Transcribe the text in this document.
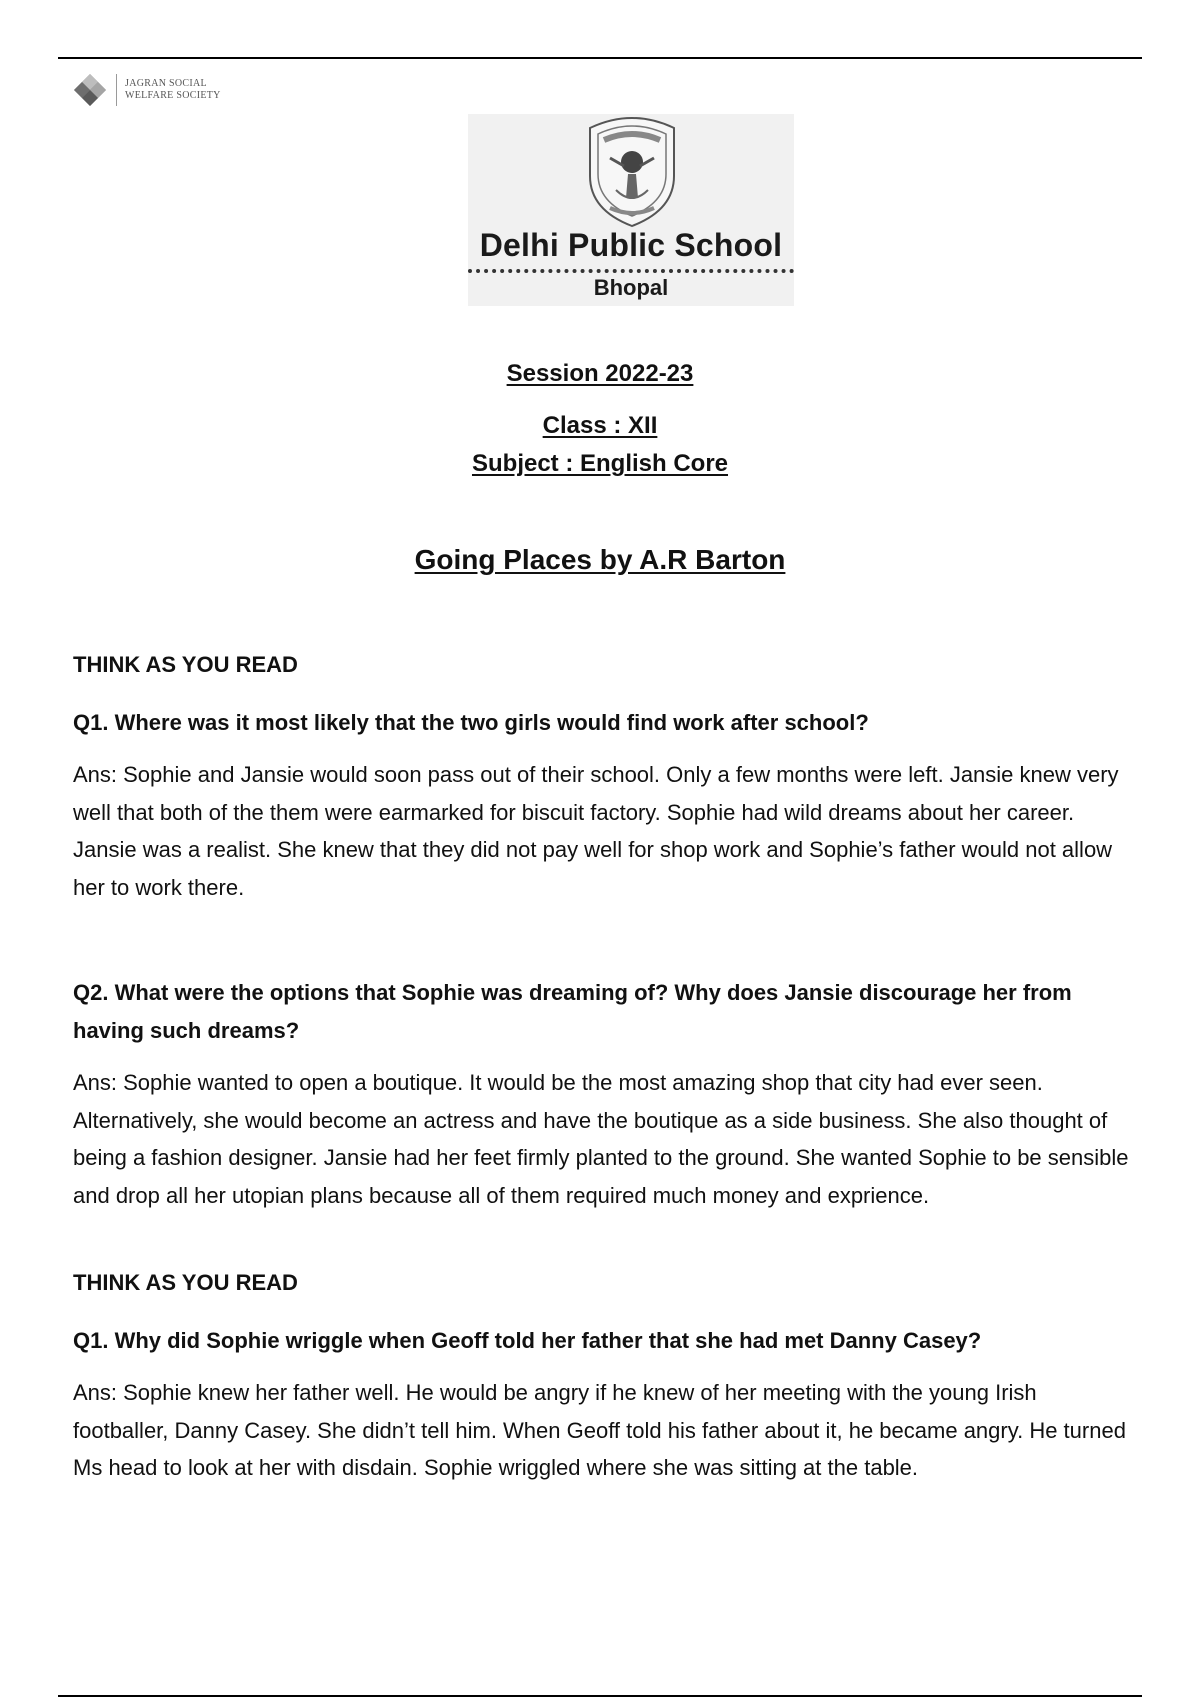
JAGRAN SOCIAL
WELFARE SOCIETY
Delhi Public School
Bhopal
Session 2022-23
Class : XII
Subject : English Core
Going Places by A.R Barton
THINK AS YOU READ
Q1. Where was it most likely that the two girls would find work after school?
Ans: Sophie and Jansie would soon pass out of their school. Only a few months were left. Jansie knew very well that both of the them were earmarked for biscuit factory. Sophie had wild dreams about her career. Jansie was a realist. She knew that they did not pay well for shop work and Sophie’s father would not allow her to work there.
Q2. What were the options that Sophie was dreaming of? Why does Jansie discourage her from having such dreams?
Ans: Sophie wanted to open a boutique. It would be the most amazing shop that city had ever seen. Alternatively, she would become an actress and have the boutique as a side business. She also thought of being a fashion designer. Jansie had her feet firmly planted to the ground. She wanted Sophie to be sensible and drop all her utopian plans because all of them required much money and exprience.
THINK AS YOU READ
Q1. Why did Sophie wriggle when Geoff told her father that she had met Danny Casey?
Ans: Sophie knew her father well. He would be angry if he knew of her meeting with the young Irish footballer, Danny Casey. She didn’t tell him. When Geoff told his father about it, he became angry. He turned Ms head to look at her with disdain. Sophie wriggled where she was sitting at the table.
